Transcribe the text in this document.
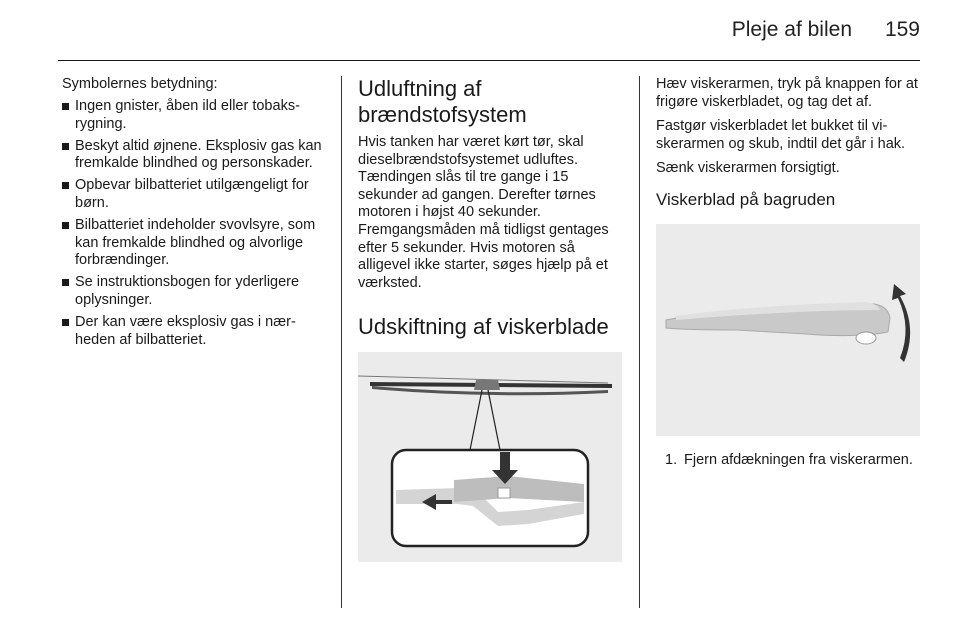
Pleje af bilen 159

Symbolernes betydning:

Ingen gnister, åben ild eller tobaksrygning.
Beskyt altid øjnene. Eksplosiv gas kan fremkalde blindhed og personskader.
Opbevar bilbatteriet utilgængeligt for børn.
Bilbatteriet indeholder svovlsyre, som kan fremkalde blindhed og alvorlige forbrændinger.
Se instruktionsbogen for yderligere oplysninger.
Der kan være eksplosiv gas i nærheden af bilbatteriet.
Udluftning af brændstofsystem

Hvis tanken har været kørt tør, skal dieselbrændstofsystemet udluftes. Tændingen slås til tre gange i 15 sekunder ad gangen. Derefter tørnes motoren i højst 40 sekunder. Fremgangsmåden må tidligst gentages efter 5 sekunder. Hvis motoren så alligevel ikke starter, søges hjælp på et værksted.

Udskiftning af viskerblade

Hæv viskerarmen, tryk på knappen for at frigøre viskerbladet, og tag det af.

Fastgør viskerbladet let bukket til viskerarmen og skub, indtil det går i hak.

Sænk viskerarmen forsigtigt.

Viskerblad på bagruden
1. Fjern afdækningen fra viskerarmen.
